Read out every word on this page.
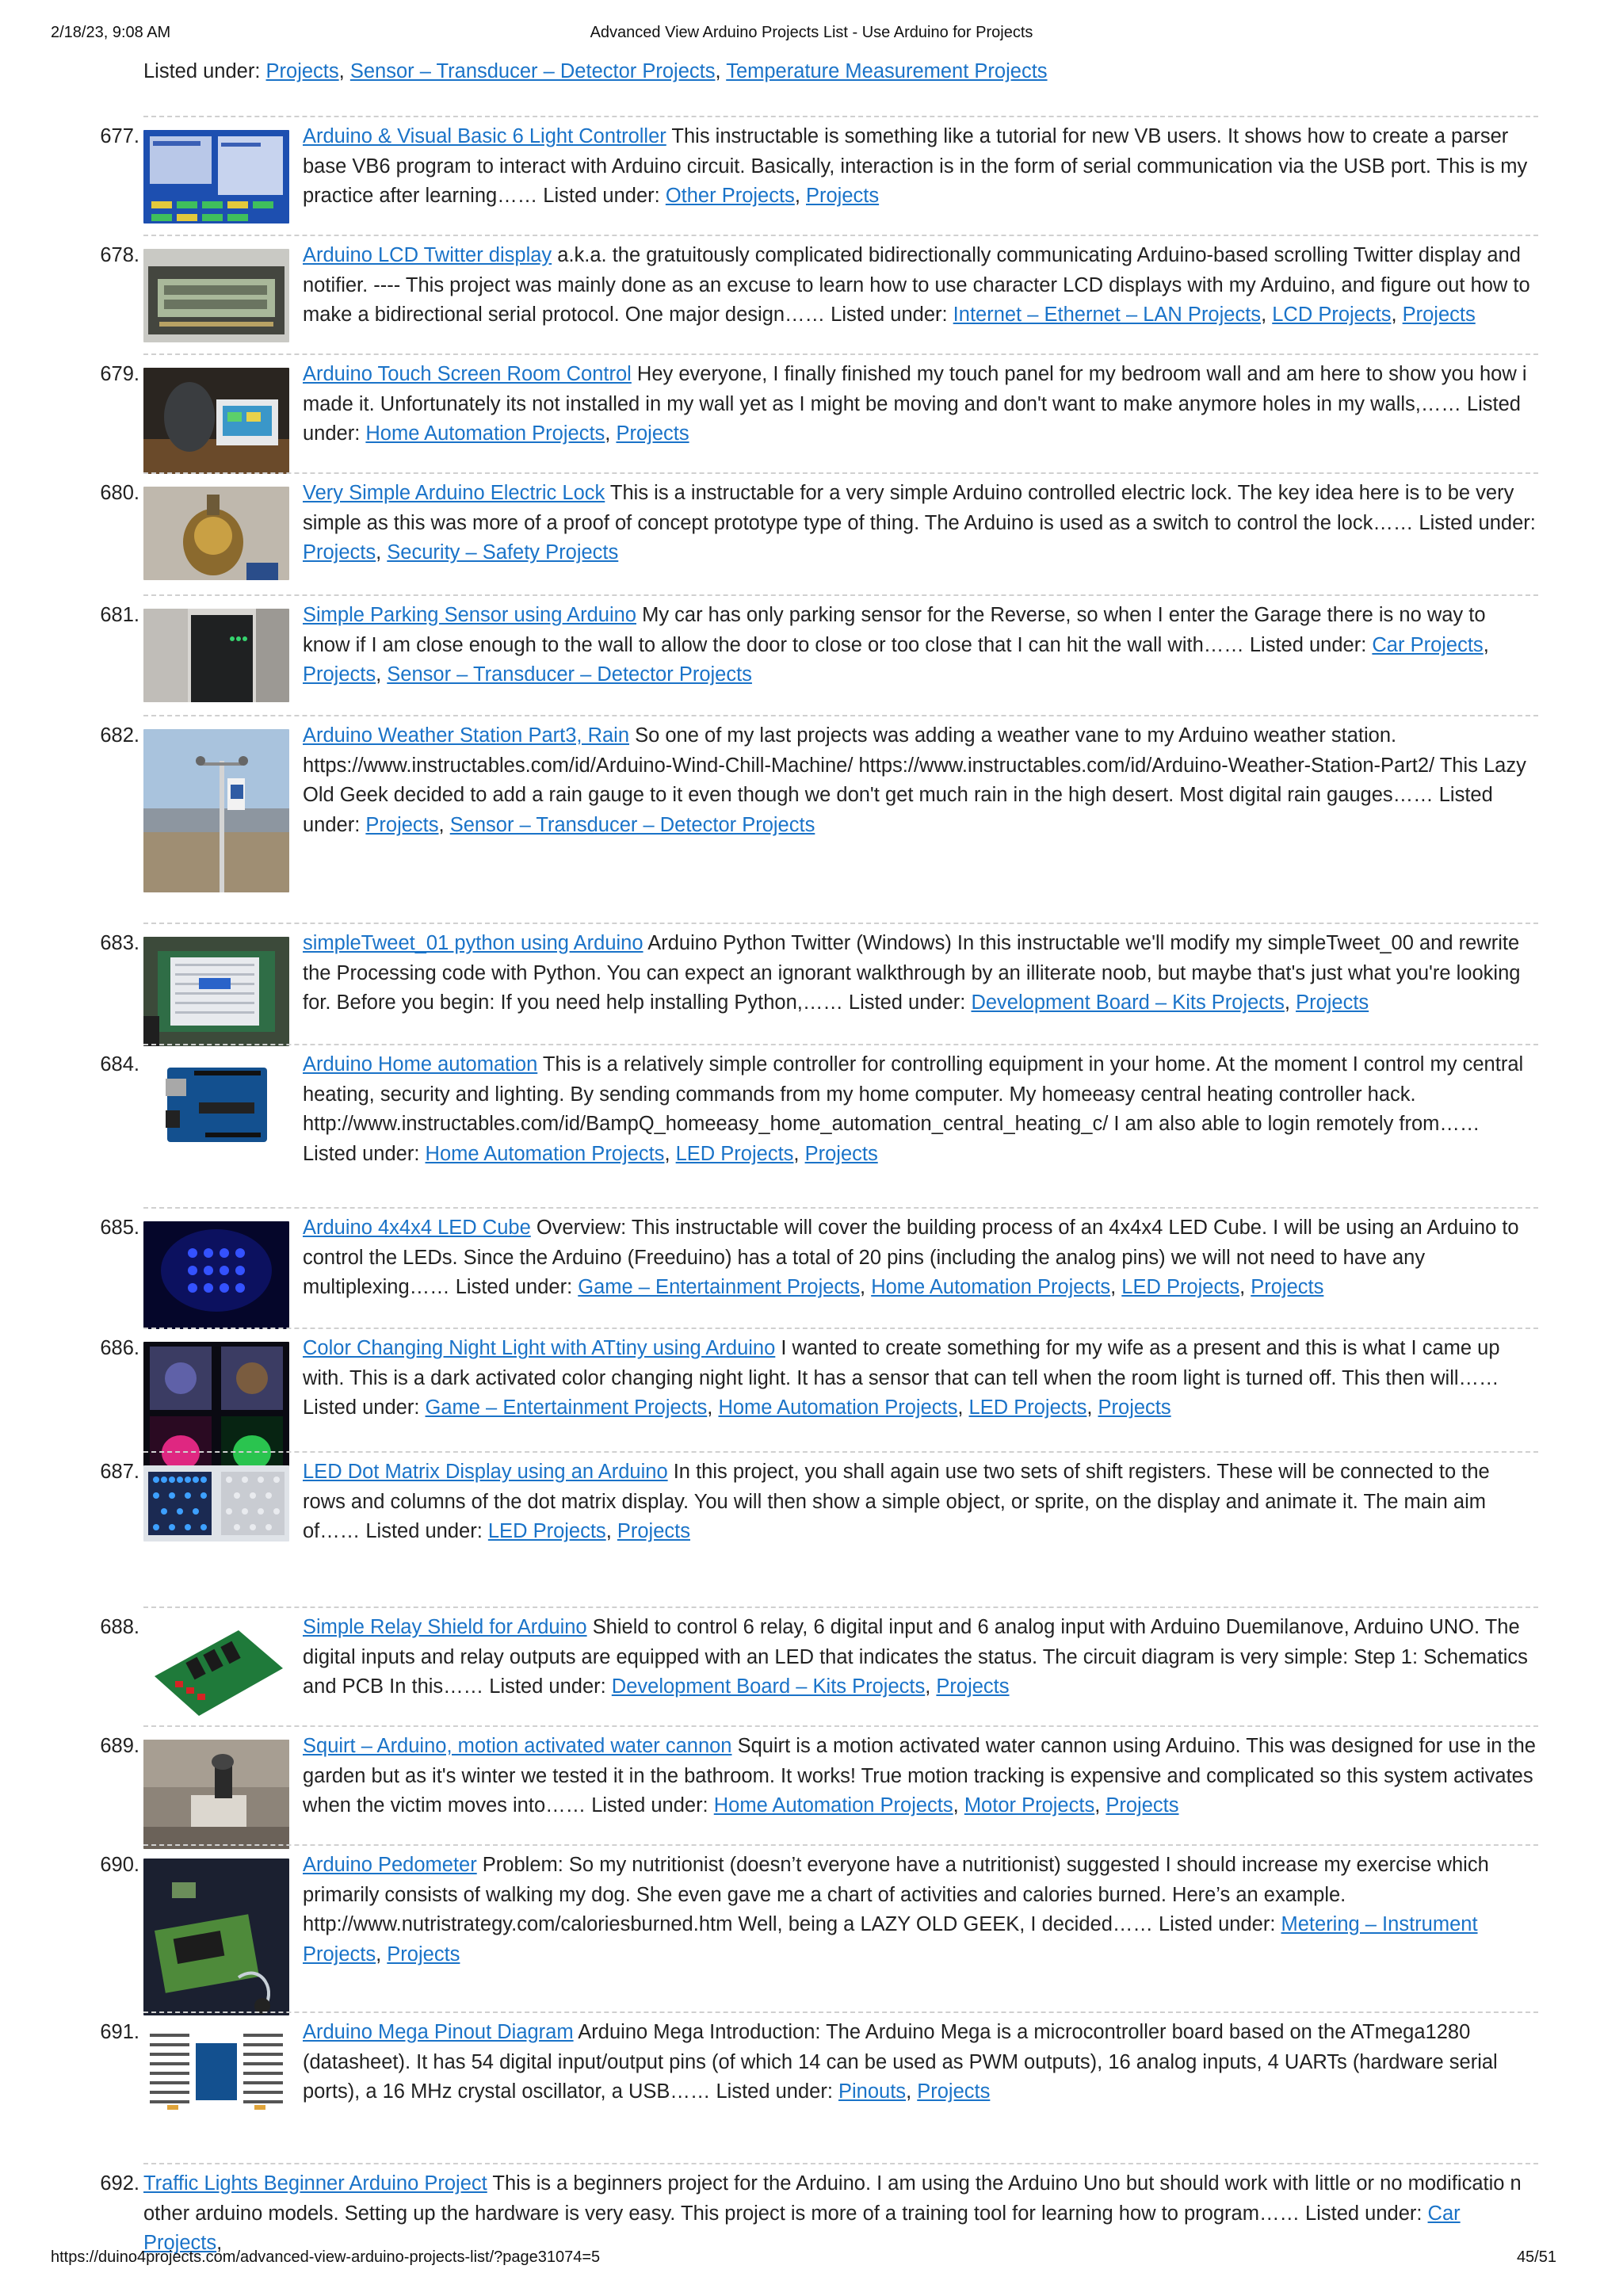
2/18/23, 9:08 AM	Advanced View Arduino Projects List - Use Arduino for Projects
Listed under: Projects, Sensor – Transducer – Detector Projects, Temperature Measurement Projects
677.	Arduino & Visual Basic 6 Light Controller This instructable is something like a tutorial for new VB users. It shows how to create a parser base VB6 program to interact with Arduino circuit. Basically, interaction is in the form of serial communication via the USB port. This is my practice after learning…… Listed under: Other Projects, Projects
678.	Arduino LCD Twitter display a.k.a. the gratuitously complicated bidirectionally communicating Arduino-based scrolling Twitter display and notifier. ---- This project was mainly done as an excuse to learn how to use character LCD displays with my Arduino, and figure out how to make a bidirectional serial protocol. One major design…… Listed under: Internet – Ethernet – LAN Projects, LCD Projects, Projects
679.	Arduino Touch Screen Room Control Hey everyone, I finally finished my touch panel for my bedroom wall and am here to show you how i made it. Unfortunately its not installed in my wall yet as I might be moving and don't want to make anymore holes in my walls,…… Listed under: Home Automation Projects, Projects
680.	Very Simple Arduino Electric Lock This is a instructable for a very simple Arduino controlled electric lock. The key idea here is to be very simple as this was more of a proof of concept prototype type of thing. The Arduino is used as a switch to control the lock…… Listed under: Projects, Security – Safety Projects
681.	Simple Parking Sensor using Arduino My car has only parking sensor for the Reverse, so when I enter the Garage there is no way to know if I am close enough to the wall to allow the door to close or too close that I can hit the wall with…… Listed under: Car Projects, Projects, Sensor – Transducer – Detector Projects
682.	Arduino Weather Station Part3, Rain So one of my last projects was adding a weather vane to my Arduino weather station. https://www.instructables.com/id/Arduino-Wind-Chill-Machine/ https://www.instructables.com/id/Arduino-Weather-Station-Part2/ This Lazy Old Geek decided to add a rain gauge to it even though we don't get much rain in the high desert. Most digital rain gauges…… Listed under: Projects, Sensor – Transducer – Detector Projects
683.	simpleTweet_01 python using Arduino Arduino Python Twitter (Windows) In this instructable we'll modify my simpleTweet_00 and rewrite the Processing code with Python. You can expect an ignorant walkthrough by an illiterate noob, but maybe that's just what you're looking for. Before you begin: If you need help installing Python,…… Listed under: Development Board – Kits Projects, Projects
684.	Arduino Home automation This is a relatively simple controller for controlling equipment in your home. At the moment I control my central heating, security and lighting. By sending commands from my home computer. My homeeasy central heating controller hack. http://www.instructables.com/id/BampQ_homeeasy_home_automation_central_heating_c/ I am also able to login remotely from…… Listed under: Home Automation Projects, LED Projects, Projects
685.	Arduino 4x4x4 LED Cube Overview: This instructable will cover the building process of an 4x4x4 LED Cube. I will be using an Arduino to control the LEDs. Since the Arduino (Freeduino) has a total of 20 pins (including the analog pins) we will not need to have any multiplexing…… Listed under: Game – Entertainment Projects, Home Automation Projects, LED Projects, Projects
686.	Color Changing Night Light with ATtiny using Arduino I wanted to create something for my wife as a present and this is what I came up with. This is a dark activated color changing night light. It has a sensor that can tell when the room light is turned off. This then will…… Listed under: Game – Entertainment Projects, Home Automation Projects, LED Projects, Projects
687.	LED Dot Matrix Display using an Arduino In this project, you shall again use two sets of shift registers. These will be connected to the rows and columns of the dot matrix display. You will then show a simple object, or sprite, on the display and animate it. The main aim of…… Listed under: LED Projects, Projects
688.	Simple Relay Shield for Arduino Shield to control 6 relay, 6 digital input and 6 analog input with Arduino Duemilanove, Arduino UNO. The digital inputs and relay outputs are equipped with an LED that indicates the status. The circuit diagram is very simple: Step 1: Schematics and PCB In this…… Listed under: Development Board – Kits Projects, Projects
689.	Squirt – Arduino, motion activated water cannon Squirt is a motion activated water cannon using Arduino. This was designed for use in the garden but as it's winter we tested it in the bathroom. It works! True motion tracking is expensive and complicated so this system activates when the victim moves into…… Listed under: Home Automation Projects, Motor Projects, Projects
690.	Arduino Pedometer Problem: So my nutritionist (doesn’t everyone have a nutritionist) suggested I should increase my exercise which primarily consists of walking my dog. She even gave me a chart of activities and calories burned. Here’s an example. http://www.nutristrategy.com/caloriesburned.htm Well, being a LAZY OLD GEEK, I decided…… Listed under: Metering – Instrument Projects, Projects
691.	Arduino Mega Pinout Diagram Arduino Mega Introduction: The Arduino Mega is a microcontroller board based on the ATmega1280 (datasheet). It has 54 digital input/output pins (of which 14 can be used as PWM outputs), 16 analog inputs, 4 UARTs (hardware serial ports), a 16 MHz crystal oscillator, a USB…… Listed under: Pinouts, Projects
692. Traffic Lights Beginner Arduino Project This is a beginners project for the Arduino. I am using the Arduino Uno but should work with little or no modificatio n other arduino models. Setting up the hardware is very easy. This project is more of a training tool for learning how to program…… Listed under: Car Projects,
https://duino4projects.com/advanced-view-arduino-projects-list/?page31074=5	45/51
